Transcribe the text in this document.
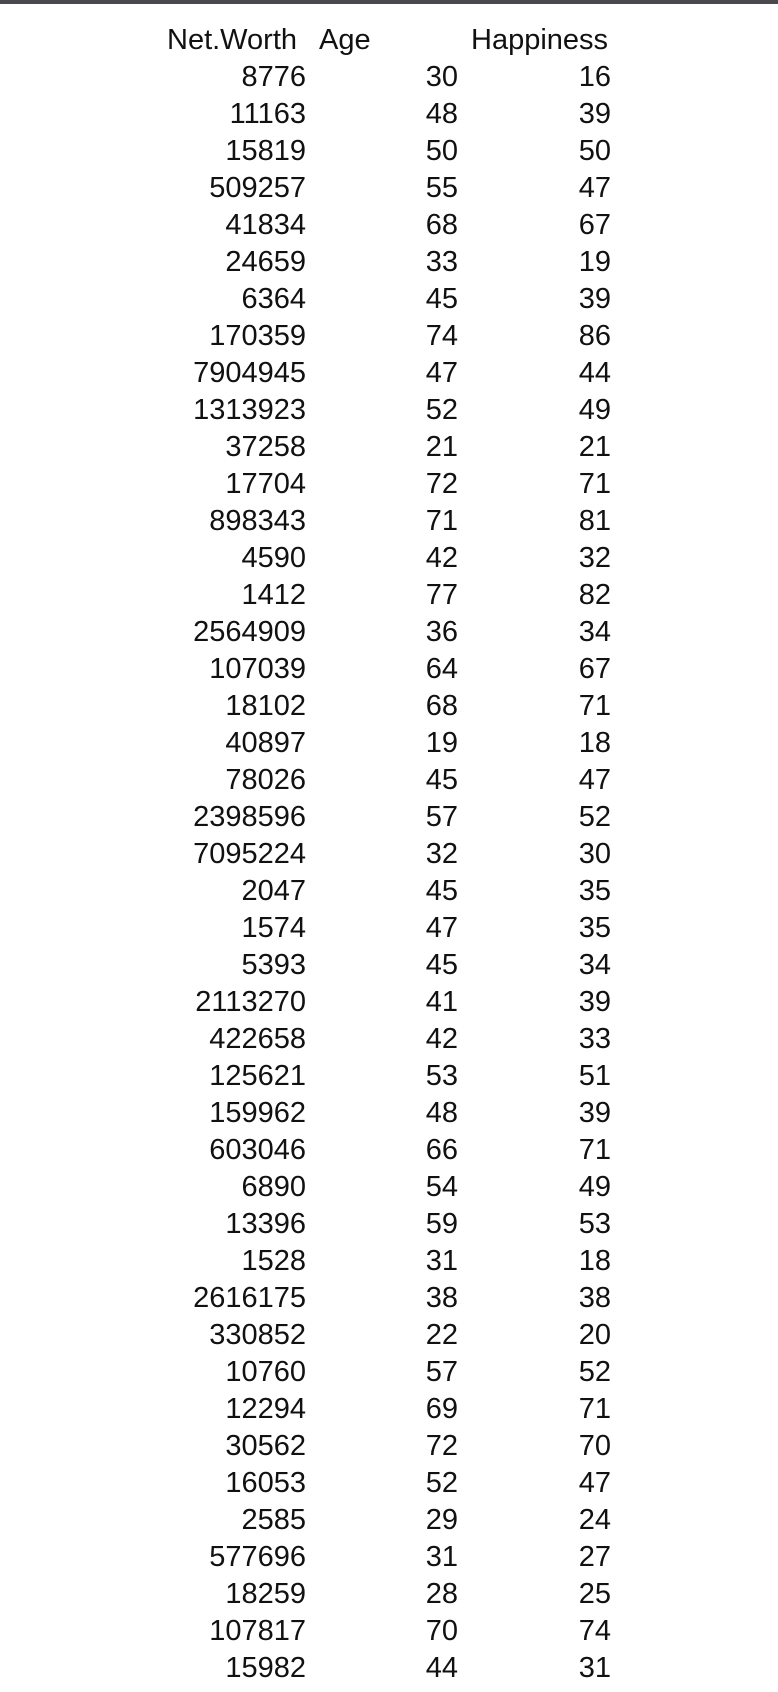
Net.Worth Age	Happiness
8776	30	16
11163	48	39
15819	50	50
509257	55	47
41834	68	67
24659	33	19
6364	45	39
170359	74	86
7904945	47	44
1313923	52	49
37258	21	21
17704	72	71
898343	71	81
4590	42	32
1412	77	82
2564909	36	34
107039	64	67
18102	68	71
40897	19	18
78026	45	47
2398596	57	52
7095224	32	30
2047	45	35
1574	47	35
5393	45	34
2113270	41	39
422658	42	33
125621	53	51
159962	48	39
603046	66	71
6890	54	49
13396	59	53
1528	31	18
2616175	38	38
330852	22	20
10760	57	52
12294	69	71
30562	72	70
16053	52	47
2585	29	24
577696	31	27
18259	28	25
107817	70	74
15982	44	31
